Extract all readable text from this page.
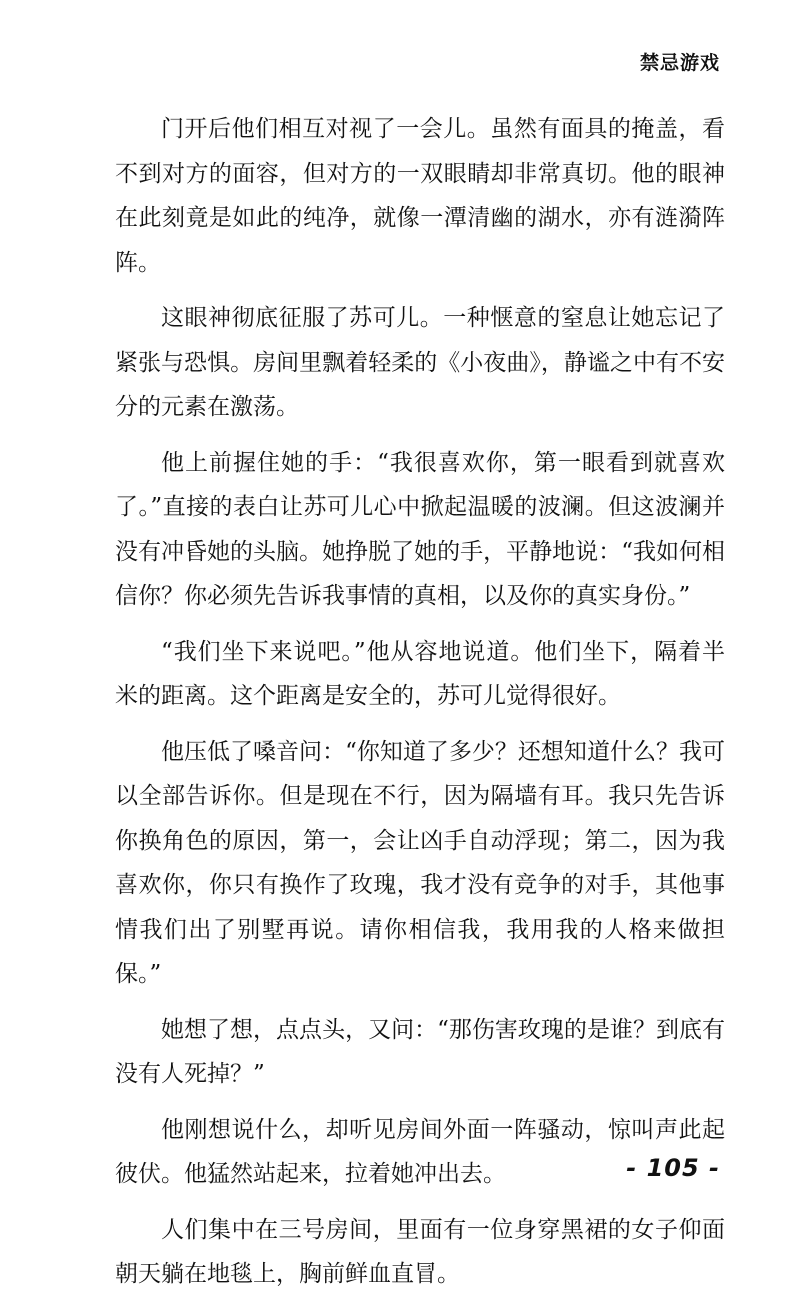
禁忌游戏

门开后他们相互对视了一会儿。虽然有面具的掩盖，看不到对方的面容，但对方的一双眼睛却非常真切。他的眼神在此刻竟是如此的纯净，就像一潭清幽的湖水，亦有涟漪阵阵。

这眼神彻底征服了苏可儿。一种惬意的窒息让她忘记了紧张与恐惧。房间里飘着轻柔的《小夜曲》，静谧之中有不安分的元素在激荡。

他上前握住她的手：“我很喜欢你，第一眼看到就喜欢了。”直接的表白让苏可儿心中掀起温暖的波澜。但这波澜并没有冲昏她的头脑。她挣脱了她的手，平静地说：“我如何相信你？你必须先告诉我事情的真相，以及你的真实身份。”

“我们坐下来说吧。”他从容地说道。他们坐下，隔着半米的距离。这个距离是安全的，苏可儿觉得很好。

他压低了嗓音问：“你知道了多少？还想知道什么？我可以全部告诉你。但是现在不行，因为隔墙有耳。我只先告诉你换角色的原因，第一，会让凶手自动浮现；第二，因为我喜欢你，你只有换作了玫瑰，我才没有竞争的对手，其他事情我们出了别墅再说。请你相信我，我用我的人格来做担保。”

她想了想，点点头，又问：“那伤害玫瑰的是谁？到底有没有人死掉？”

他刚想说什么，却听见房间外面一阵骚动，惊叫声此起彼伏。他猛然站起来，拉着她冲出去。

人们集中在三号房间，里面有一位身穿黑裙的女子仰面朝天躺在地毯上，胸前鲜血直冒。

- 105 -
